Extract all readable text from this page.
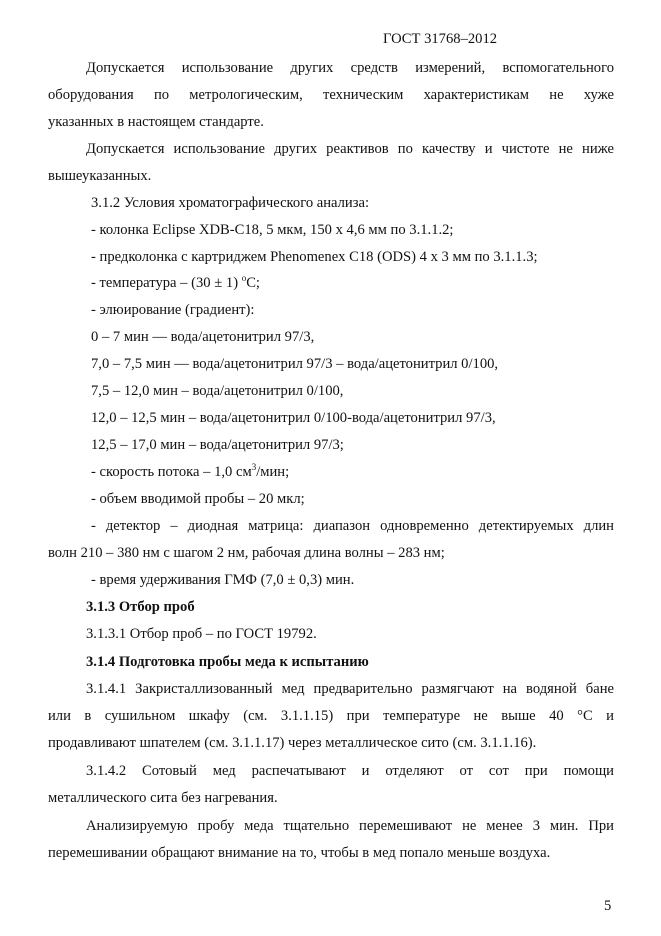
ГОСТ 31768–2012
Допускается использование других средств измерений, вспомогательного
оборудования по метрологическим, техническим характеристикам не хуже
указанных в настоящем стандарте.
Допускается использование других реактивов по качеству и чистоте не ниже
вышеуказанных.
3.1.2 Условия хроматографического анализа:
- колонка Eclipse XDB-C18, 5 мкм, 150 х 4,6 мм по 3.1.1.2;
- предколонка с картриджем Phenomenex C18 (ODS) 4 х 3 мм по 3.1.1.3;
- температура – (30 ± 1) $^o$С;
- элюирование (градиент):
0 – 7 мин — вода/ацетонитрил 97/3,
7,0 – 7,5 мин — вода/ацетонитрил 97/3 – вода/ацетонитрил 0/100,
7,5 – 12,0 мин – вода/ацетонитрил 0/100,
12,0 – 12,5 мин – вода/ацетонитрил 0/100-вода/ацетонитрил 97/3,
12,5 – 17,0 мин – вода/ацетонитрил 97/3;
- скорость потока – 1,0 $см^3$/мин;
- объем вводимой пробы – 20 мкл;
- детектор – диодная матрица: диапазон одновременно детектируемых длин
волн 210 – 380 нм с шагом 2 нм, рабочая длина волны – 283 нм;
- время удерживания ГМФ (7,0 ± 0,3) мин.
3.1.3 Отбор проб
3.1.3.1 Отбор проб – по ГОСТ 19792.
3.1.4 Подготовка пробы меда к испытанию
3.1.4.1 Закристаллизованный мед предварительно размягчают на водяной бане
или в сушильном шкафу (см. 3.1.1.15) при температуре не выше 40 °С и
продавливают шпателем (см. 3.1.1.17) через металлическое сито (см. 3.1.1.16).
3.1.4.2 Сотовый мед распечатывают и отделяют от сот при помощи
металлического сита без нагревания.
Анализируемую пробу меда тщательно перемешивают не менее 3 мин. При
перемешивании обращают внимание на то, чтобы в мед попало меньше воздуха.
5
